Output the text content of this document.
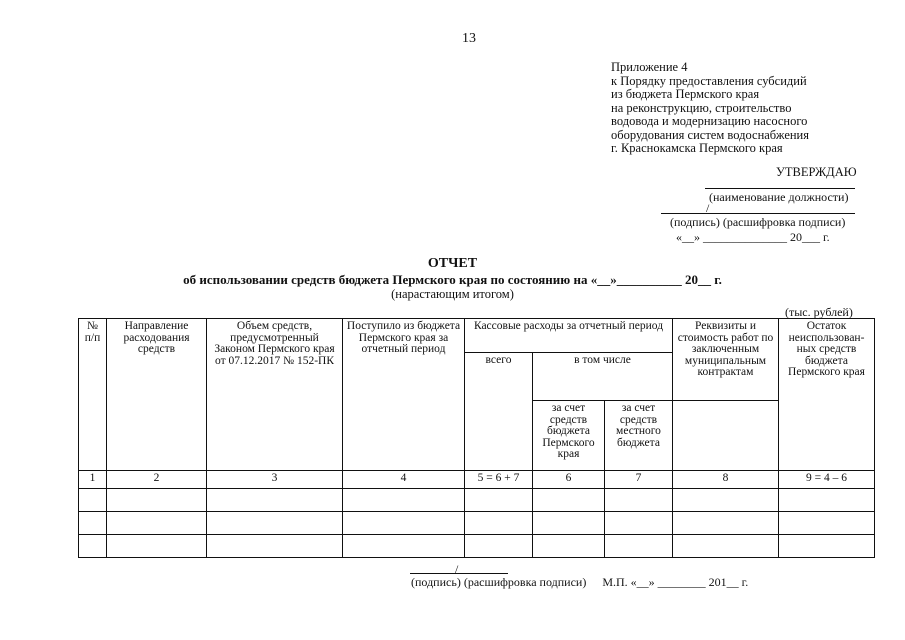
13
Приложение 4
к Порядку предоставления субсидий
из бюджета Пермского края
на реконструкцию, строительство
водовода и модернизацию насосного
оборудования систем водоснабжения
г. Краснокамска Пермского края
УТВЕРЖДАЮ
(наименование должности)
/
(подпись) (расшифровка подписи)
«__» ______________ 20___ г.
ОТЧЕТ
об использовании средств бюджета Пермского края по состоянию на «__»__________ 20__ г.
(нарастающим итогом)
(тыс. рублей)
№ п/п	Направление расходования средств	Объем средств, предусмотренный Законом Пермского края от 07.12.2017 № 152-ПК	Поступило из бюджета Пермского края за отчетный период	Кассовые расходы за отчетный период			Реквизиты и стоимость работ по заключенным муниципальным контрактам	Остаток неиспользован-ных средств бюджета Пермского края
				всего	в том числе			
					за счет средств бюджета Пермского края	за счет средств местного бюджета		
1	2	3	4	5 = 6 + 7	6	7	8	9 = 4 – 6

/
(подпись) (расшифровка подписи) М.П. «__» ________ 201__ г.
